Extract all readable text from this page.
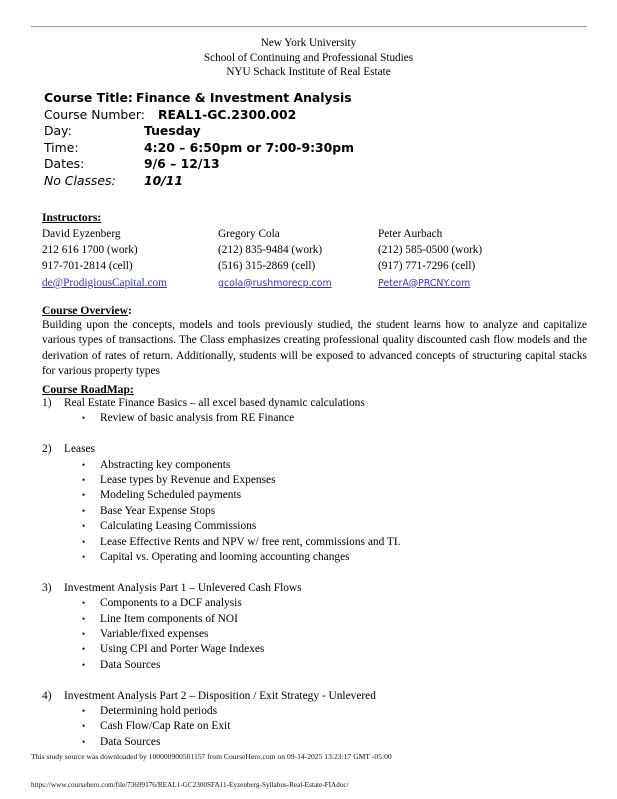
New York University
School of Continuing and Professional Studies
NYU Schack Institute of Real Estate
Course Title: Finance & Investment Analysis
Course Number: REAL1-GC.2300.002
Day:	Tuesday
Time:	4:20 – 6:50pm or 7:00-9:30pm
Dates:	9/6 – 12/13
No Classes:	10/11
Instructors:
David Eyzenberg	Gregory Cola	Peter Aurbach
212 616 1700 (work)	(212) 835-9484 (work)	(212) 585-0500 (work)
917-701-2814 (cell)	(516) 315-2869 (cell)	(917) 771-7296 (cell)
de@ProdigiousCapital.com	gcola@rushmorecp.com	PeterA@PRCNY.com
Course Overview:
Building upon the concepts, models and tools previously studied, the student learns how to analyze and capitalize various types of transactions. The Class emphasizes creating professional quality discounted cash flow models and the derivation of rates of return. Additionally, students will be exposed to advanced concepts of structuring capital stacks for various property types
Course RoadMap:
1)	Real Estate Finance Basics – all excel based dynamic calculations
•	Review of basic analysis from RE Finance
2)	Leases
•	Abstracting key components
•	Lease types by Revenue and Expenses
•	Modeling Scheduled payments
•	Base Year Expense Stops
•	Calculating Leasing Commissions
•	Lease Effective Rents and NPV w/ free rent, commissions and TI.
•	Capital vs. Operating and looming accounting changes
3)	Investment Analysis Part 1 – Unlevered Cash Flows
•	Components to a DCF analysis
•	Line Item components of NOI
•	Variable/fixed expenses
•	Using CPI and Porter Wage Indexes
•	Data Sources
4)	Investment Analysis Part 2 – Disposition / Exit Strategy - Unlevered
•	Determining hold periods
•	Cash Flow/Cap Rate on Exit
•	Data Sources
This study source was downloaded by 100000900501157 from CourseHero.com on 09-14-2025 13:23:17 GMT -05:00
https://www.coursehero.com/file/73699176/REAL1-GC2300SFA11-Eyzenberg-Syllabus-Real-Estate-FIAdoc/
